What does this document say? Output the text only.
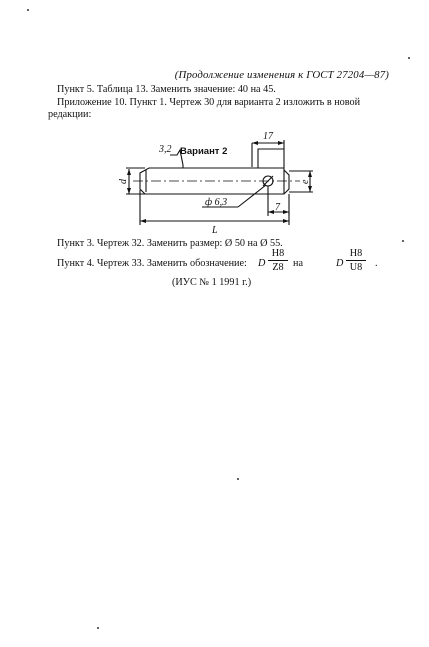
(Продолжение изменения к ГОСТ 27204—87)
Пункт 5. Таблица 13. Заменить значение: 40 на 45.
Приложение 10. Пункт 1. Чертеж 30 для варианта 2 изложить в новой
редакции:
Вариант 2
3,2
17
d	e
ф 6,3	7
L
Пункт 3. Чертеж 32. Заменить размер: Ø 50 на Ø 55.
Пункт 4. Чертеж 33. Заменить обозначение: D $\frac{H8}{Z8}$ на	D $\frac{H8}{U8}$ .
(ИУС № 1 1991 г.)
